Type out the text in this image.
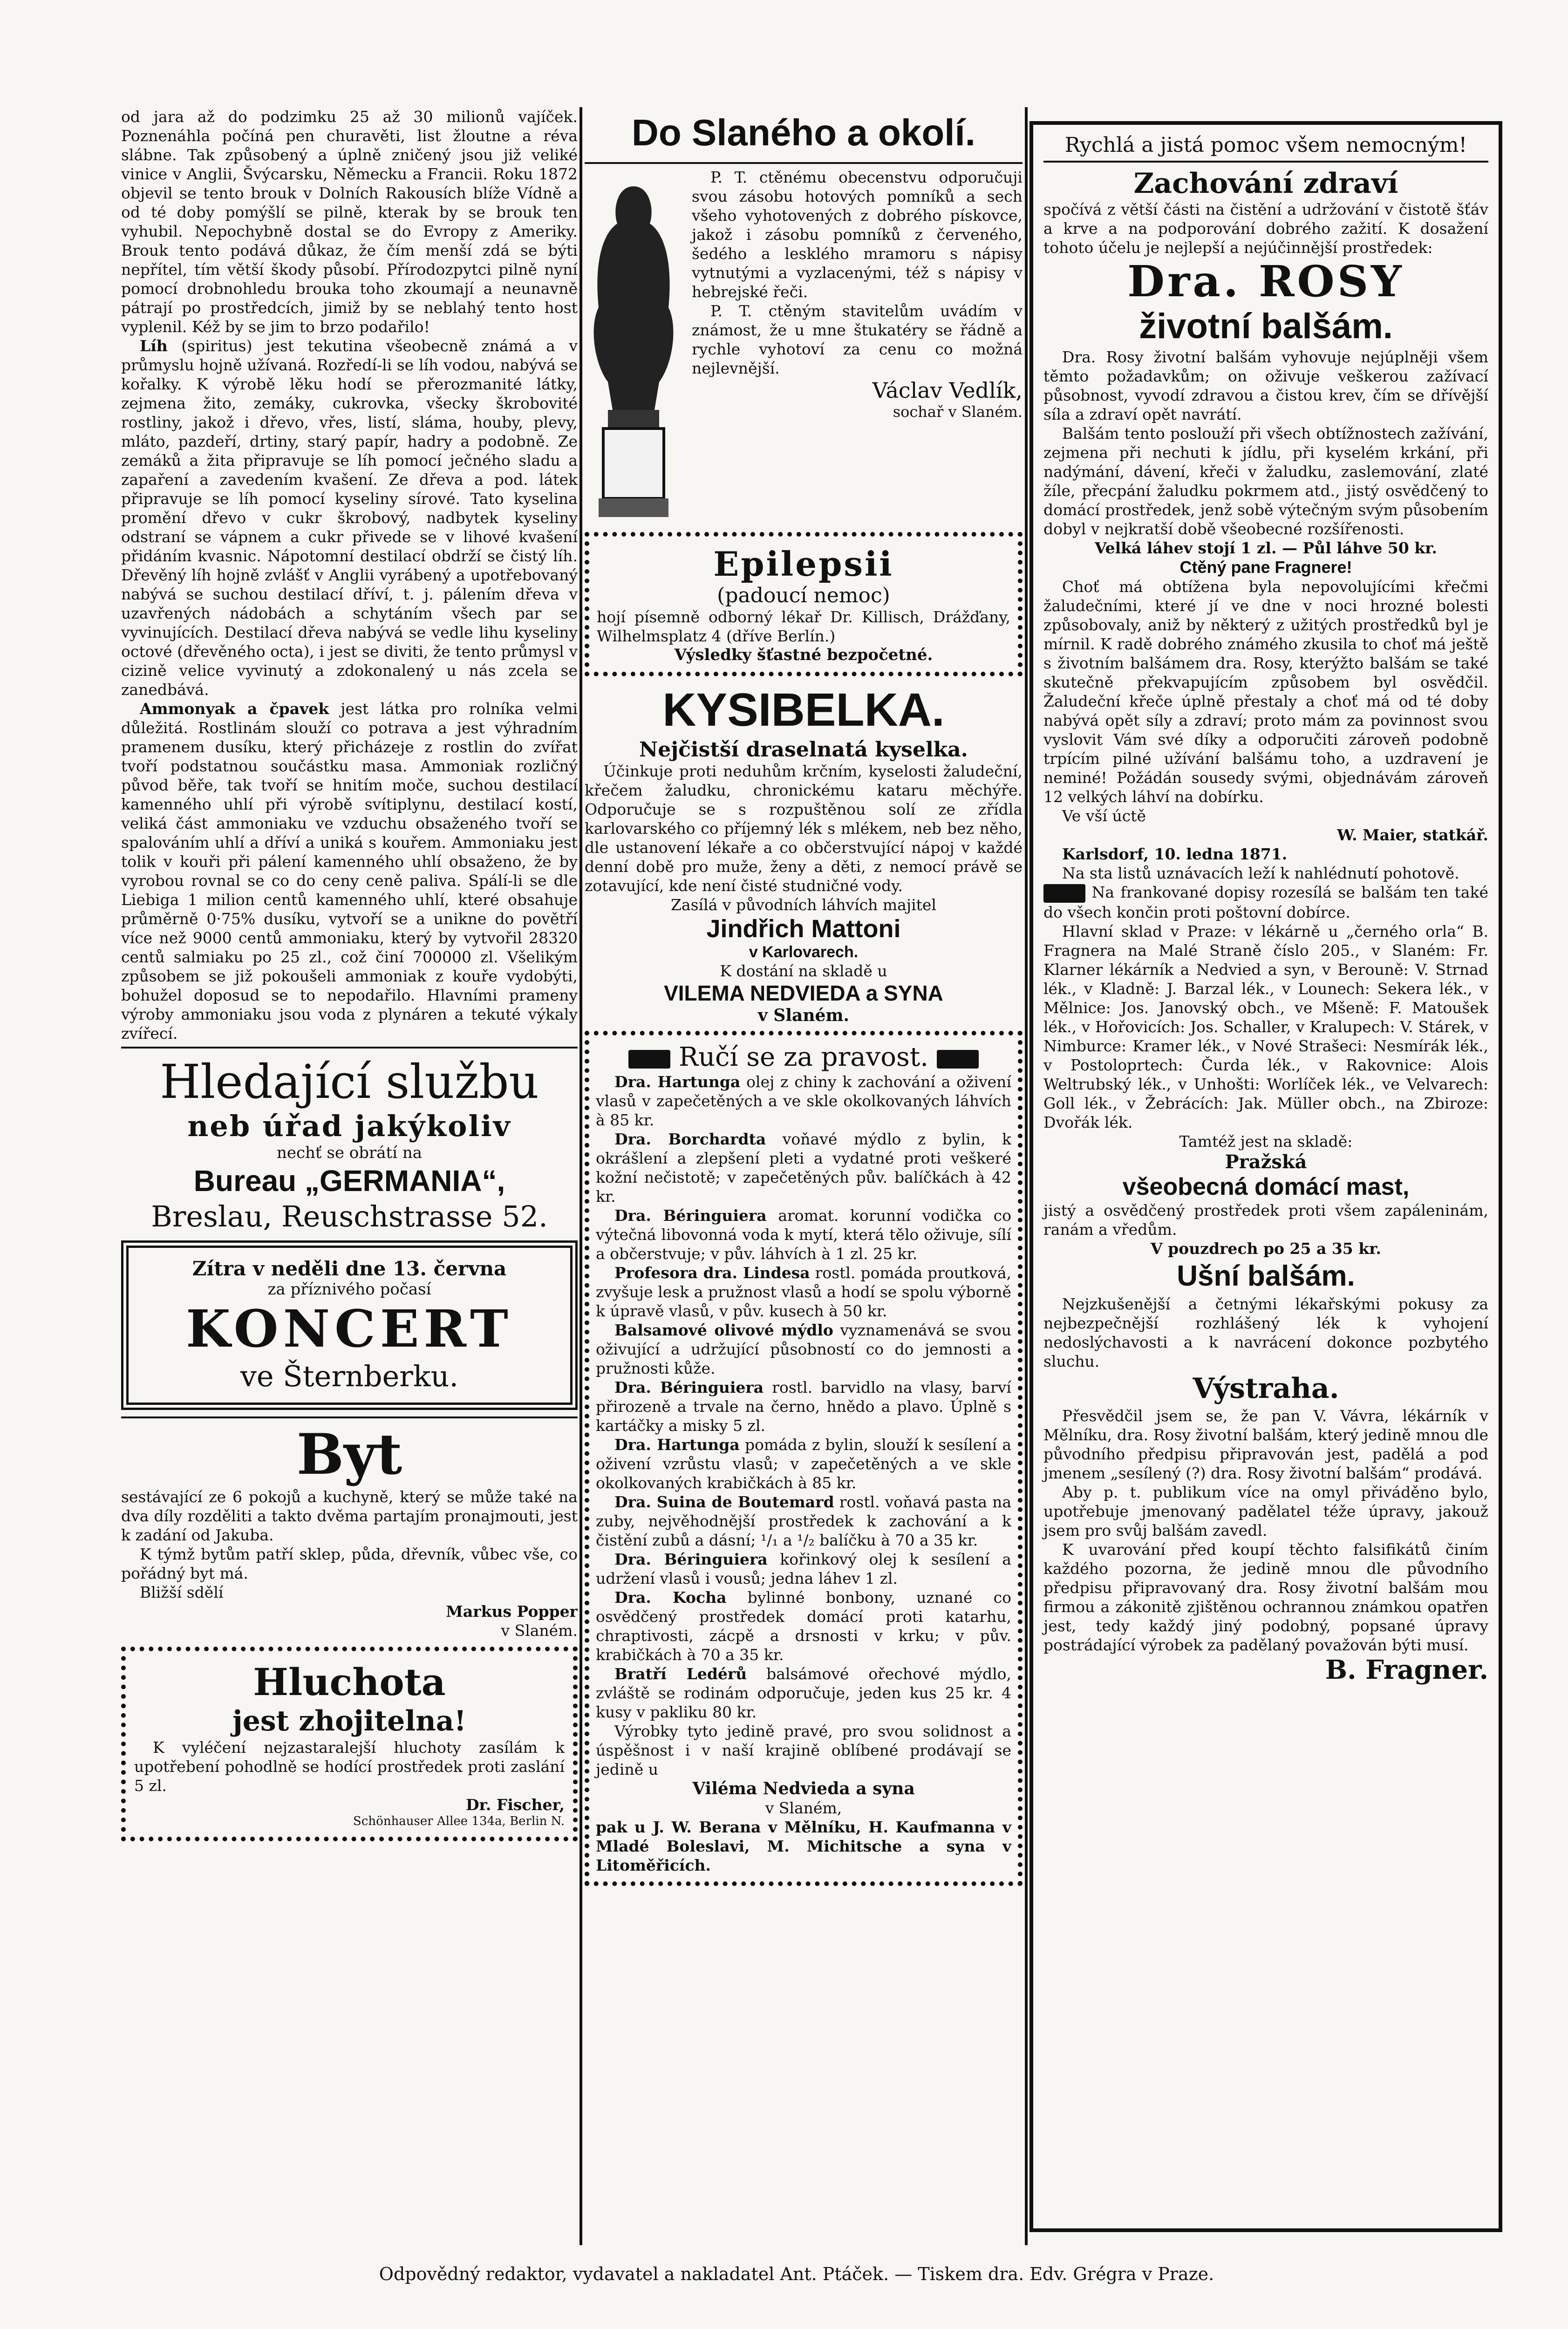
od jara až do podzimku 25 až 30 milionů vajíček. Poznenáhla počíná pen churavěti, list žloutne a réva slábne. Tak způsobený a úplně zničený jsou již veliké vinice v Anglii, Švýcarsku, Německu a Francii. Roku 1872 objevil se tento brouk v Dolních Rakousích blíže Vídně a od té doby pomýšlí se pilně, kterak by se brouk ten vyhubil. Nepochybně dostal se do Evropy z Ameriky. Brouk tento podává důkaz, že čím menší zdá se býti nepřítel, tím větší škody působí. Přírodozpytci pilně nyní pomocí drobnohledu brouka toho zkoumají a neunavně pátrají po prostředcích, jimiž by se neblahý tento host vyplenil. Kéž by se jim to brzo podařilo!

Líh (spiritus) jest tekutina všeobecně známá a v průmyslu hojně užívaná. Rozředí-li se líh vodou, nabývá se kořalky. K výrobě lěku hodí se přerozmanité látky, zejmena žito, zemáky, cukrovka, všecky škrobovité rostliny, jakož i dřevo, vřes, listí, sláma, houby, plevy, mláto, pazdeří, drtiny, starý papír, hadry a podobně. Ze zemáků a žita připravuje se líh pomocí ječného sladu a zapaření a zavedením kvašení. Ze dřeva a pod. látek připravuje se líh pomocí kyseliny sírové. Tato kyselina promění dřevo v cukr škrobový, nadbytek kyseliny odstraní se vápnem a cukr přivede se v lihové kvašení přidáním kvasnic. Nápotomní destilací obdrží se čistý líh. Dřevěný líh hojně zvlášť v Anglii vyrábený a upotřebovaný nabývá se suchou destilací dříví, t. j. pálením dřeva v uzavřených nádobách a schytáním všech par se vyvinujících. Destilací dřeva nabývá se vedle lihu kyseliny octové (dřevěného octa), i jest se diviti, že tento průmysl v cizině velice vyvinutý a zdokonalený u nás zcela se zanedbává.

Ammonyak a čpavek jest látka pro rolníka velmi důležitá. Rostlinám slouží co potrava a jest výhradním pramenem dusíku, který přicházeje z rostlin do zvířat tvoří podstatnou součástku masa. Ammoniak rozličný původ běře, tak tvoří se hnitím moče, suchou destilací kamenného uhlí při výrobě svítiplynu, destilací kostí, veliká část ammoniaku ve vzduchu obsaženého tvoří se spalováním uhlí a dříví a uniká s kouřem. Ammoniaku jest tolik v kouři při pálení kamenného uhlí obsaženo, že by vyrobou rovnal se co do ceny ceně paliva. Spálí-li se dle Liebiga 1 milion centů kamenného uhlí, které obsahuje průměrně 0·75% dusíku, vytvoří se a unikne do povětří více než 9000 centů ammoniaku, který by vytvořil 28320 centů salmiaku po 25 zl., což činí 700000 zl. Všelikým způsobem se již pokoušeli ammoniak z kouře vydobýti, bohužel doposud se to nepodařilo. Hlavními prameny výroby ammoniaku jsou voda z plynáren a tekuté výkaly zvířecí.

Hledající službu
neb úřad jakýkoliv
nechť se obrátí na
Bureau „GERMANIA“,
Breslau, Reuschstrasse 52.
Zítra v neděli dne 13. června
za příznivého počasí
KONCERT
ve Šternberku.
Byt

sestávající ze 6 pokojů a kuchyně, který se může také na dva díly rozděliti a takto dvěma partajím pronajmouti, jest k zadání od Jakuba.

K týmž bytům patří sklep, půda, dřevník, vůbec vše, co pořádný byt má.

Bližší sdělí

Markus Popper

v Slaném.

Hluchota
jest zhojitelna!

K vyléčení nejzastaralejší hluchoty zasílám k upotřebení pohodlně se hodící prostředek proti zaslání 5 zl.

Dr. Fischer,

Schönhauser Allee 134a, Berlin N.

Do Slaného a okolí.

P. T. ctěnému obecenstvu odporučuji svou zásobu hotových pomníků a sech všeho vyhotovených z dobrého pískovce, jakož i zásobu pomníků z červeného, šedého a lesklého mramoru s nápisy vytnutými a vyzlacenými, též s nápisy v hebrejské řeči.

P. T. ctěným stavitelům uvádím v známost, že u mne štukatéry se řádně a rychle vyhotoví za cenu co možná nejlevnější.

Václav Vedlík,

sochař v Slaném.

Epilepsii
(padoucí nemoc)

hojí písemně odborný lékař Dr. Killisch, Drážďany, Wilhelmsplatz 4 (dříve Berlín.)

Výsledky šťastné bezpočetné.

KYSIBELKA.
Nejčistší draselnatá kyselka.

Účinkuje proti neduhům krčním, kyselosti žaludeční, křečem žaludku, chronickému kataru měchýře. Odporučuje se s rozpuštěnou solí ze zřídla karlovarského co příjemný lék s mlékem, neb bez něho, dle ustanovení lékaře a co občerstvující nápoj v každé denní době pro muže, ženy a děti, z nemocí právě se zotavující, kde není čisté studničné vody.

Zasílá v původních láhvích majitel

Jindřich Mattoni
v Karlovarech.

K dostání na skladě u

VILEMA NEDVIEDA a SYNA
v Slaném.
Ručí se za pravost.

Dra. Hartunga olej z chiny k zachování a oživení vlasů v zapečetěných a ve skle okolkovaných láhvích à 85 kr.

Dra. Borchardta voňavé mýdlo z bylin, k okrášlení a zlepšení pleti a vydatné proti veškeré kožní nečistotě; v zapečetěných pův. balíčkách à 42 kr.

Dra. Béringuiera aromat. korunní vodička co výtečná libovonná voda k mytí, která tělo oživuje, sílí a občerstvuje; v pův. láhvích à 1 zl. 25 kr.

Profesora dra. Lindesa rostl. pomáda proutková, zvyšuje lesk a pružnost vlasů a hodí se spolu výborně k úpravě vlasů, v pův. kusech à 50 kr.

Balsamové olivové mýdlo vyznamenává se svou oživující a udržující působností co do jemnosti a pružnosti kůže.

Dra. Béringuiera rostl. barvidlo na vlasy, barví přirozeně a trvale na černo, hnědo a plavo. Úplně s kartáčky a misky 5 zl.

Dra. Hartunga pomáda z bylin, slouží k sesílení a oživení vzrůstu vlasů; v zapečetěných a ve skle okolkovaných krabičkách à 85 kr.

Dra. Suina de Boutemard rostl. voňavá pasta na zuby, nejvěhodnější prostředek k zachování a k čistění zubů a dásní; ¹/₁ a ¹/₂ balíčku à 70 a 35 kr.

Dra. Béringuiera kořinkový olej k sesílení a udržení vlasů i vousů; jedna láhev 1 zl.

Dra. Kocha bylinné bonbony, uznané co osvědčený prostředek domácí proti katarhu, chraptivosti, zácpě a drsnosti v krku; v pův. krabičkách à 70 a 35 kr.

Bratří Ledérů balsámové ořechové mýdlo, zvláště se rodinám odporučuje, jeden kus 25 kr. 4 kusy v pakliku 80 kr.

Výrobky tyto jedině pravé, pro svou solidnost a úspěšnost i v naší krajině oblíbené prodávají se jedině u

Viléma Nedvieda a syna
v Slaném,

pak u J. W. Berana v Mělníku, H. Kaufmanna v Mladé Boleslavi, M. Michitsche a syna v Litoměřicích.

Rychlá a jistá pomoc všem nemocným!
Zachování zdraví

spočívá z větší části na čistění a udržování v čistotě šťáv a krve a na podporování dobrého zažití. K dosažení tohoto účelu je nejlepší a nejúčinnější prostředek:

Dra. ROSY
životní balšám.

Dra. Rosy životní balšám vyhovuje nejúplněji všem těmto požadavkům; on oživuje veškerou zažívací působnost, vyvodí zdravou a čistou krev, čím se dřívější síla a zdraví opět navrátí.

Balšám tento poslouží při všech obtížnostech zažívání, zejmena při nechuti k jídlu, při kyselém krkání, při nadýmání, dávení, křeči v žaludku, zaslemování, zlaté žíle, přecpání žaludku pokrmem atd., jistý osvědčený to domácí prostředek, jenž sobě výtečným svým působením dobyl v nejkratší době všeobecné rozšířenosti.

Velká láhev stojí 1 zl. — Půl láhve 50 kr.

Ctěný pane Fragnere!

Choť má obtížena byla nepovolujícími křečmi žaludečními, které jí ve dne v noci hrozné bolesti způsobovaly, aniž by některý z užitých prostředků byl je mírnil. K radě dobrého známého zkusila to choť má ještě s životním balšámem dra. Rosy, kterýžto balšám se také skutečně překvapujícím způsobem byl osvědčil. Žaludeční křeče úplně přestaly a choť má od té doby nabývá opět síly a zdraví; proto mám za povinnost svou vyslovit Vám své díky a odporučiti zároveň podobně trpícím pilné užívání balšámu toho, a uzdravení je neminé! Požádán sousedy svými, objednávám zároveň 12 velkých láhví na dobírku.

Ve vší úctě

W. Maier, statkář.

Karlsdorf, 10. ledna 1871.

Na sta listů uznávacích leží k nahlédnutí pohotově.

Na frankované dopisy rozesílá se balšám ten také do všech končin proti poštovní dobírce.

Hlavní sklad v Praze: v lékárně u „černého orla“ B. Fragnera na Malé Straně číslo 205., v Slaném: Fr. Klarner lékárník a Nedvied a syn, v Berouně: V. Strnad lék., v Kladně: J. Barzal lék., v Lounech: Sekera lék., v Mělnice: Jos. Janovský obch., ve Mšeně: F. Matoušek lék., v Hořovicích: Jos. Schaller, v Kralupech: V. Stárek, v Nimburce: Kramer lék., v Nové Strašeci: Nesmírák lék., v Postoloprtech: Čurda lék., v Rakovnice: Alois Weltrubský lék., v Unhošti: Worlíček lék., ve Velvarech: Goll lék., v Žebrácích: Jak. Müller obch., na Zbiroze: Dvořák lék.

Tamtéž jest na skladě:

Pražská
všeobecná domácí mast,

jistý a osvědčený prostředek proti všem zapáleninám, ranám a vředům.

V pouzdrech po 25 a 35 kr.

Ušní balšám.

Nejzkušenější a četnými lékařskými pokusy za nejbezpečnější rozhlášený lék k vyhojení nedoslýchavosti a k navrácení dokonce pozbytého sluchu.

Výstraha.

Přesvědčil jsem se, že pan V. Vávra, lékárník v Mělníku, dra. Rosy životní balšám, který jedině mnou dle původního předpisu připravován jest, padělá a pod jmenem „sesílený (?) dra. Rosy životní balšám“ prodává.

Aby p. t. publikum více na omyl přiváděno bylo, upotřebuje jmenovaný padělatel téže úpravy, jakouž jsem pro svůj balšám zavedl.

K uvarování před koupí těchto falsifikátů činím každého pozorna, že jedině mnou dle původního předpisu připravovaný dra. Rosy životní balšám mou firmou a zákonitě zjištěnou ochrannou známkou opatřen jest, tedy každý jiný podobný, popsané úpravy postrádající výrobek za padělaný považován býti musí.

B. Fragner.

Odpovědný redaktor, vydavatel a nakladatel Ant. Ptáček. — Tiskem dra. Edv. Grégra v Praze.
